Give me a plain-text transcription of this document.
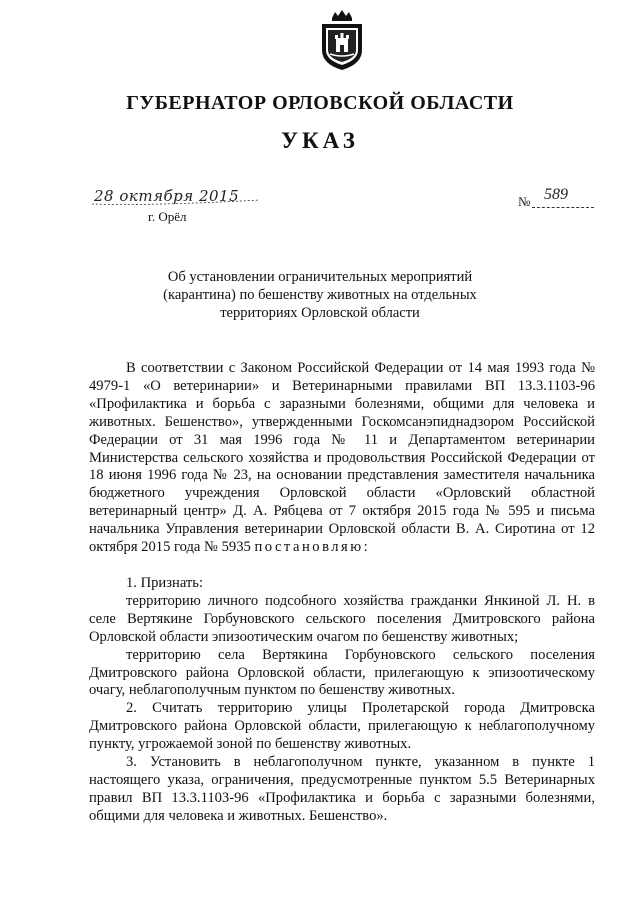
ГУБЕРНАТОР ОРЛОВСКОЙ ОБЛАСТИ
УКАЗ
28 октября 2015
г. Орёл
№ 589
Об установлении ограничительных мероприятий (карантина) по бешенству животных на отдельных территориях Орловской области

В соответствии с Законом Российской Федерации от 14 мая 1993 года № 4979-1 «О ветеринарии» и Ветеринарными правилами ВП 13.3.1103-96 «Профилактика и борьба с заразными болезнями, общими для человека и животных. Бешенство», утвержденными Госкомсанэпиднадзором Российской Федерации от 31 мая 1996 года № 11 и Департаментом ветеринарии Министерства сельского хозяйства и продовольствия Российской Федерации от 18 июня 1996 года № 23, на основании представления заместителя начальника бюджетного учреждения Орловской области «Орловский областной ветеринарный центр» Д. А. Рябцева от 7 октября 2015 года № 595 и письма начальника Управления ветеринарии Орловской области В. А. Сиротина от 12 октября 2015 года № 5935 постановляю:

1. Признать:

территорию личного подсобного хозяйства гражданки Янкиной Л. Н. в селе Вертякине Горбуновского сельского поселения Дмитровского района Орловской области эпизоотическим очагом по бешенству животных;

территорию села Вертякина Горбуновского сельского поселения Дмитровского района Орловской области, прилегающую к эпизоотическому очагу, неблагополучным пунктом по бешенству животных.

2. Считать территорию улицы Пролетарской города Дмитровска Дмитровского района Орловской области, прилегающую к неблагополучному пункту, угрожаемой зоной по бешенству животных.

3. Установить в неблагополучном пункте, указанном в пункте 1 настоящего указа, ограничения, предусмотренные пунктом 5.5 Ветеринарных правил ВП 13.3.1103-96 «Профилактика и борьба с заразными болезнями, общими для человека и животных. Бешенство».
